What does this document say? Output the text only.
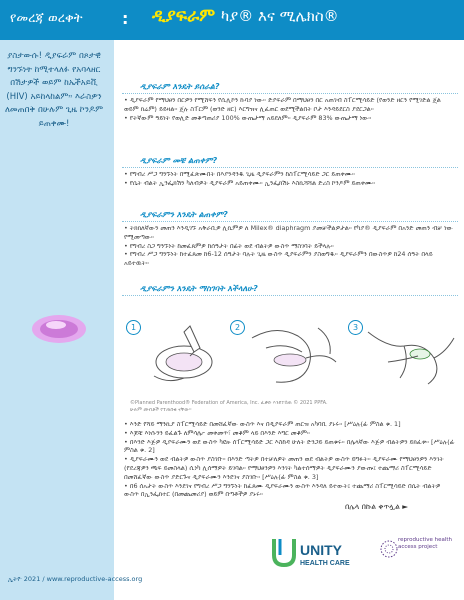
የመረጃ ወረቀት : ዲያፍራም ካያ® እና ሚሌክስ®
ያስታውሱ! ዲያፍራም በጾታዊ ግንኙነት ከሚተላለፉ የአባላዘር በሽታዎች ወይም ከኤችአይቪ (HIV) አይከላከልም። እራስዎን ለመጠበቅ በሁሉም ጊዜ ኮንዶም ይጠቀሙ!
ዲያፍራም እንዴት ይሰራል?
• ዲያፍራም የማህፀን በርዎን የሚሸፍን የሲሊኮን ኩባያ ነው። ድያፍራም በማህፀን በር አጠገብ ስፐርሚሳይድ (የወንድ ዘርን የሚገድል ጄል ወይም ክሬም) ይይዛል። ጄሉ ስፐርም (ወንድ ዘር) እርግዝና ሊፈጠር ወደሚችልበት ቦታ እንዳይደርስ ያደርጋል።
• የትኛውም ዓይነት የወሊድ መቆጣጠሪያ 100% ውጤታማ አይደለም። ዲያፍራም 83% ውጤታማ ነው።
ዲያፍራም መቼ ልጠቀም?
• የግብረ ሥጋ ግንኙነት በሚፈጽሙበት በእያንዳንዱ ጊዜ ዲያፍራምን ከስፐርሚሳይድ ጋር ይጠቀሙ።
• የሴት ብልት ኢንፌክሽን ካለብዎት ዲያፍራም አይጠቀሙ። ኢንፌክሽኑ እስኪሻሻል ድረስ ኮንዶም ይጠቀሙ።
ዲያፍራምን እንዴት ልጠቀም?
• ትክክለኛውን መጠን እንዲገኙ አቅራቢዎ ሊኪምዎ ለ Milex® diaphragm ያመቻችልዎታል። የካያ® ዲያፍራም በአንድ መጠን ብቻ ነው የሚመጣው።
• የግብረ ስጋ ግንኙነት ከመፈጸምዎ ከሰዓታት በፊት ወደ ብልትዎ ውስጥ ማስገባት ይችላሉ።
• የግብረ ሥጋ ግንኙነት ከተፈጸመ ከ6-12 ሰዓታት ባሉት ጊዜ ውስጥ ዲያፍራምን ያስወግዱ። ዲያፍራምን በውስጥዎ ከ24 ሰዓት በላይ አይተዉት።
ዲያፍራምን እንዴት ማስገባት እችላለሁ?
1	2	3
©Planned Parenthood® Federation of America, Inc. ፈቃድ እንደተሰጠ © 2021 PPFA. ሁሉም መብቶች የተጠበቁ ናቸው።
• እንድ የሻይ ማንኪያ ስፐርሚሳይድ በመሸፈኛው ውስጥ እና በዲያፍራም ጠርዝ አካባቢ ያኑሩ። [ሥዕሉ(ፊ ምስል ቁ. 1]
• እጆቹ እነሱንን ይፈልጉ ለምሳሌ፦ መቀመጥ፣ መቆም ላይ በእንድ እግር መቆም።
• በእንድ እጅዎ ዲያፍራሙን ወደ ውስጥ ካዩዙ ሰፐርሚሳይድ ጋር እስከዳ ሁለት ድንጋይ ይጠቁሩ። በሌላኛው እጅዎ ብልትዎን ይክፈቱ። [ሥዕሉ(ፊ ምስል ቁ. 2]
• ዲያፍራሙን ወደ ብልትዎ ውስጥ ያስገቡ። በእንድ ጣትዎ በተቻለዎት መጠን ወደ ብልትዎ ውስጥ ይግፉት። ዲያፍራሙ የማህፀንዎን እንገት (የደረጃዎን ጫፍ ይመስላል) ሲነካ ሊሰማዎት ይገባል። የማህፀንዎን እንገት ካልተሰማዎት ዲያፍራሙን ያውጡ፤ ተጨማሪ ስፐርሚሳይድ በመሸፈኛው ውስጥ ያድርጉና ዲያፍራሙን እንደገና ያስገቡ። [ሥዕሉ(ፊ ምስል ቁ. 3]
• በ6 ሰአታት ውስጥ እንደገና የግብረ ሥጋ ግንኙነት ከፈጸሙ ዲያፍራሙን ውስጥ እንዳለ ይተውት፤ ተጨማሪ ስፐርሚሳይድ በሴት ብልትዎ ውስጥ በኢንፌክተር (በመጨመሪያ) ወይም በጣቶችዎ ያኑሩ።
በሌላ በኩል ቀጥሏል ►
ኢትዮ 2021 / www.reproductive-access.org
UNITY
HEALTH CARE
reproductive health access project
